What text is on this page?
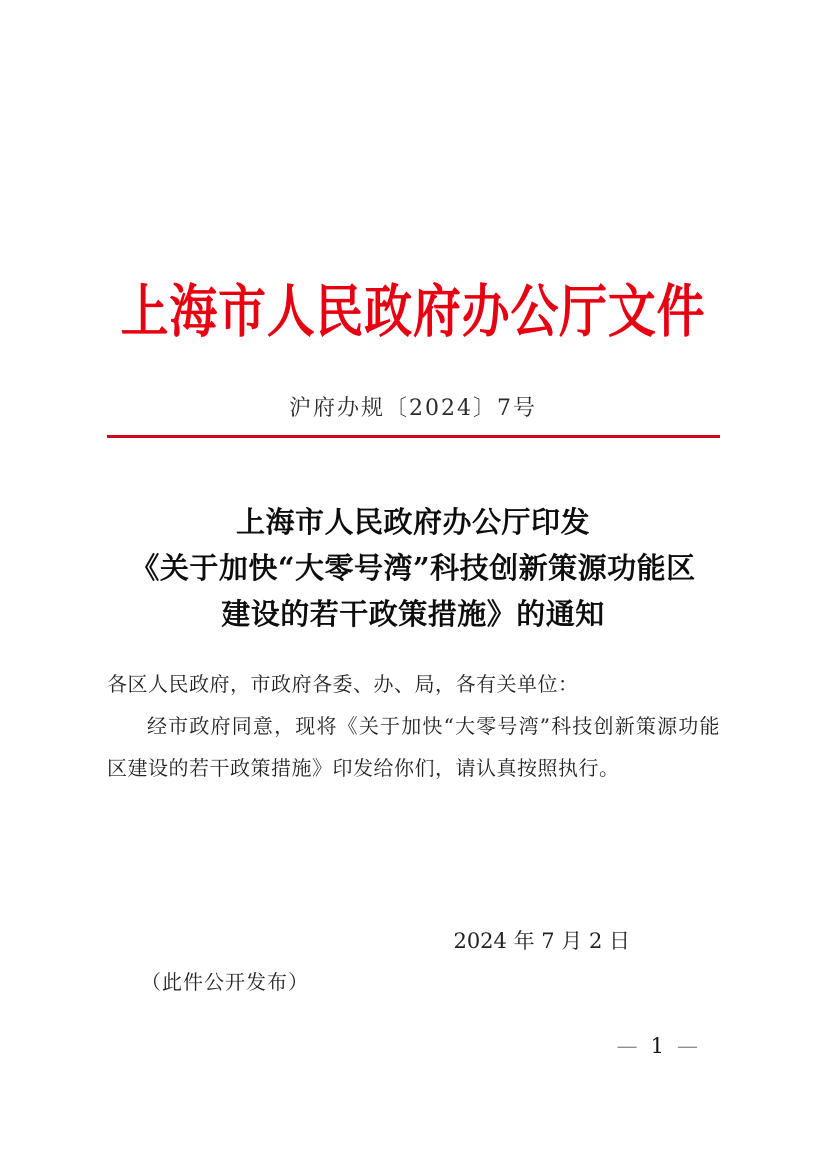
上海市人民政府办公厅文件
沪府办规〔2024〕7号
上海市人民政府办公厅印发
《关于加快“大零号湾”科技创新策源功能区
建设的若干政策措施》的通知
各区人民政府，市政府各委、办、局，各有关单位：
经市政府同意，现将《关于加快“大零号湾”科技创新策源功能
区建设的若干政策措施》印发给你们，请认真按照执行。
2024 年 7 月 2 日
（此件公开发布）
— 1 —
